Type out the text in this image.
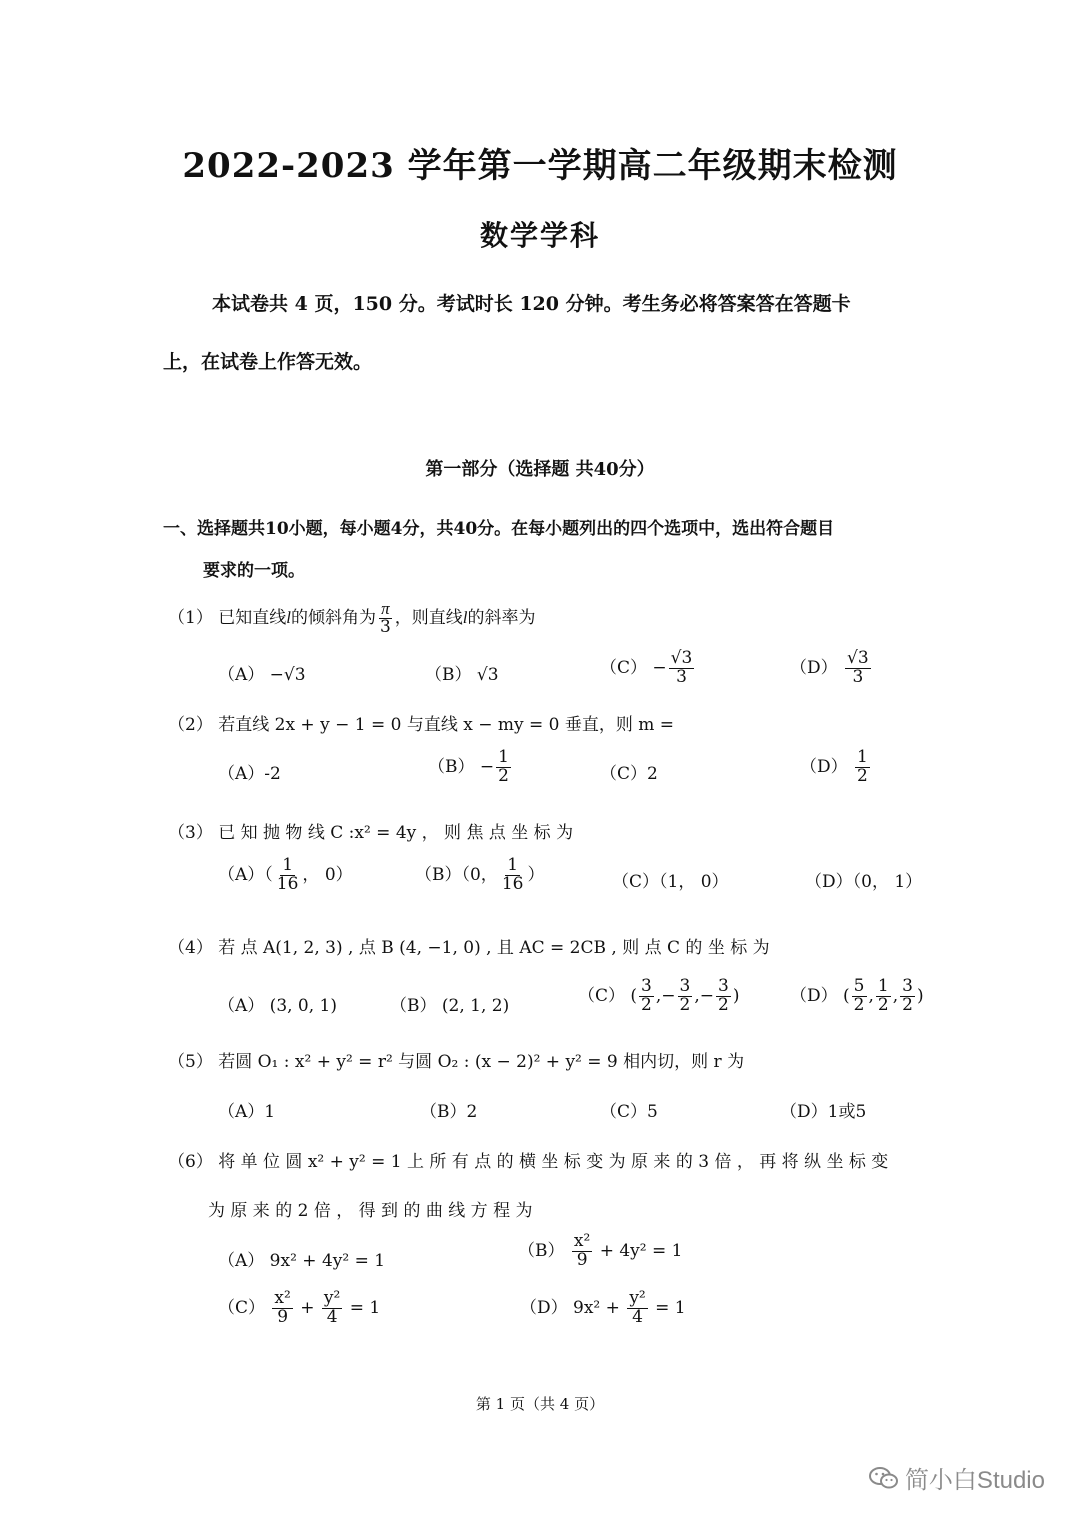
2022-2023 学年第一学期高二年级期末检测
数学学科
本试卷共 4 页，150 分。考试时长 120 分钟。考生务必将答案答在答题卡
上，在试卷上作答无效。
第一部分（选择题 共40分）
一、选择题共10小题，每小题4分，共40分。在每小题列出的四个选项中，选出符合题目
要求的一项。
（1） 已知直线l的倾斜角为 $\frac{\pi}{3}$ ，则直线l的斜率为
（A） −√3	（B） √3	$(C) - \frac{√3}{3}$	$(D) \frac{√3}{3}$
（2） 若直线 2x + y − 1 = 0 与直线 x − my = 0 垂直，则 m =
（A）-2	$(B) - \frac{1}{2}$	（C）2	$(D) \frac{1}{2}$
（3） 已 知 抛 物 线 C :x² = 4y ， 则 焦 点 坐 标 为
$(A)( \frac{1}{16}$ ， 0）	（B）（0， $\frac{1}{16}$ ）	（C）（1， 0）	（D）（0， 1）
（4） 若 点 A(1, 2, 3) , 点 B (4, −1, 0) , 且 AC = 2CB , 则 点 C 的 坐 标 为
（A） (3, 0, 1)	（B） (2, 1, 2)
（C） ( $\frac{3}{2}$ ,− $\frac{3}{2}$ ,− $\frac{3}{2}$ )	（D） ( $\frac{5}{2}$ , $\frac{1}{2}$ , $\frac{3}{2}$ )
（5） 若圆 O₁ : x² + y² = r² 与圆 O₂ : (x − 2)² + y² = 9 相内切，则 r 为
（A）1	（B）2	（C）5	（D）1或5
（6） 将 单 位 圆 x² + y² = 1 上 所 有 点 的 横 坐 标 变 为 原 来 的 3 倍 ， 再 将 纵 坐 标 变
为 原 来 的 2 倍 ， 得 到 的 曲 线 方 程 为
（A） 9x² + 4y² = 1
$(B) \frac{\text{x²}}{9} + 4y^2 = 1$
$(C) \frac{\text{x²}}{9} + \frac{\text{y²}}{4} = 1$	（D） $9x^2 + \frac{\text{y²}}{4} = 1$
第 1 页（共 4 页）
简小白Studio
